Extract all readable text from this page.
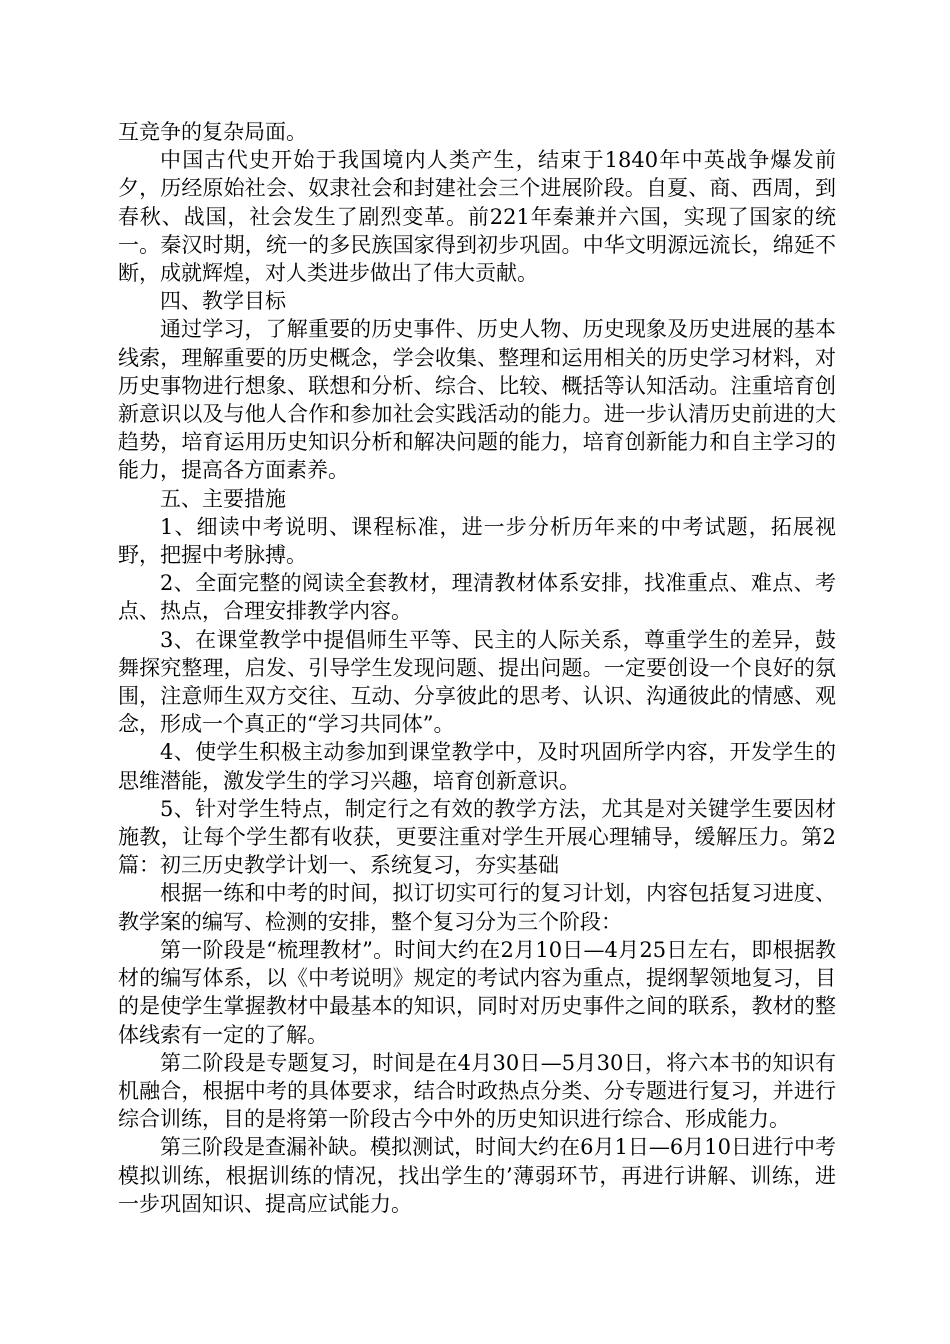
互竞争的复杂局面。

中国古代史开始于我国境内人类产生，结束于1840年中英战争爆发前夕，历经原始社会、奴隶社会和封建社会三个进展阶段。自夏、商、西周，到春秋、战国，社会发生了剧烈变革。前221年秦兼并六国，实现了国家的统一。秦汉时期，统一的多民族国家得到初步巩固。中华文明源远流长，绵延不断，成就辉煌，对人类进步做出了伟大贡献。

四、教学目标

通过学习，了解重要的历史事件、历史人物、历史现象及历史进展的基本线索，理解重要的历史概念，学会收集、整理和运用相关的历史学习材料，对历史事物进行想象、联想和分析、综合、比较、概括等认知活动。注重培育创新意识以及与他人合作和参加社会实践活动的能力。进一步认清历史前进的大趋势，培育运用历史知识分析和解决问题的能力，培育创新能力和自主学习的能力，提高各方面素养。

五、主要措施

1、细读中考说明、课程标准，进一步分析历年来的中考试题，拓展视野，把握中考脉搏。

2、全面完整的阅读全套教材，理清教材体系安排，找准重点、难点、考点、热点，合理安排教学内容。

3、在课堂教学中提倡师生平等、民主的人际关系，尊重学生的差异，鼓舞探究整理，启发、引导学生发现问题、提出问题。一定要创设一个良好的氛围，注意师生双方交往、互动、分享彼此的思考、认识、沟通彼此的情感、观念，形成一个真正的“学习共同体”。

4、使学生积极主动参加到课堂教学中，及时巩固所学内容，开发学生的思维潜能，激发学生的学习兴趣，培育创新意识。

5、针对学生特点，制定行之有效的教学方法，尤其是对关键学生要因材施教，让每个学生都有收获，更要注重对学生开展心理辅导，缓解压力。第2篇：初三历史教学计划一、系统复习，夯实基础

根据一练和中考的时间，拟订切实可行的复习计划，内容包括复习进度、教学案的编写、检测的安排，整个复习分为三个阶段：

第一阶段是“梳理教材”。时间大约在2月10日—4月25日左右，即根据教材的编写体系，以《中考说明》规定的考试内容为重点，提纲挈领地复习，目的是使学生掌握教材中最基本的知识，同时对历史事件之间的联系，教材的整体线索有一定的了解。

第二阶段是专题复习，时间是在4月30日—5月30日，将六本书的知识有机融合，根据中考的具体要求，结合时政热点分类、分专题进行复习，并进行综合训练，目的是将第一阶段古今中外的历史知识进行综合、形成能力。

第三阶段是查漏补缺。模拟测试，时间大约在6月1日—6月10日进行中考模拟训练，根据训练的情况，找出学生的’薄弱环节，再进行讲解、训练，进一步巩固知识、提高应试能力。
